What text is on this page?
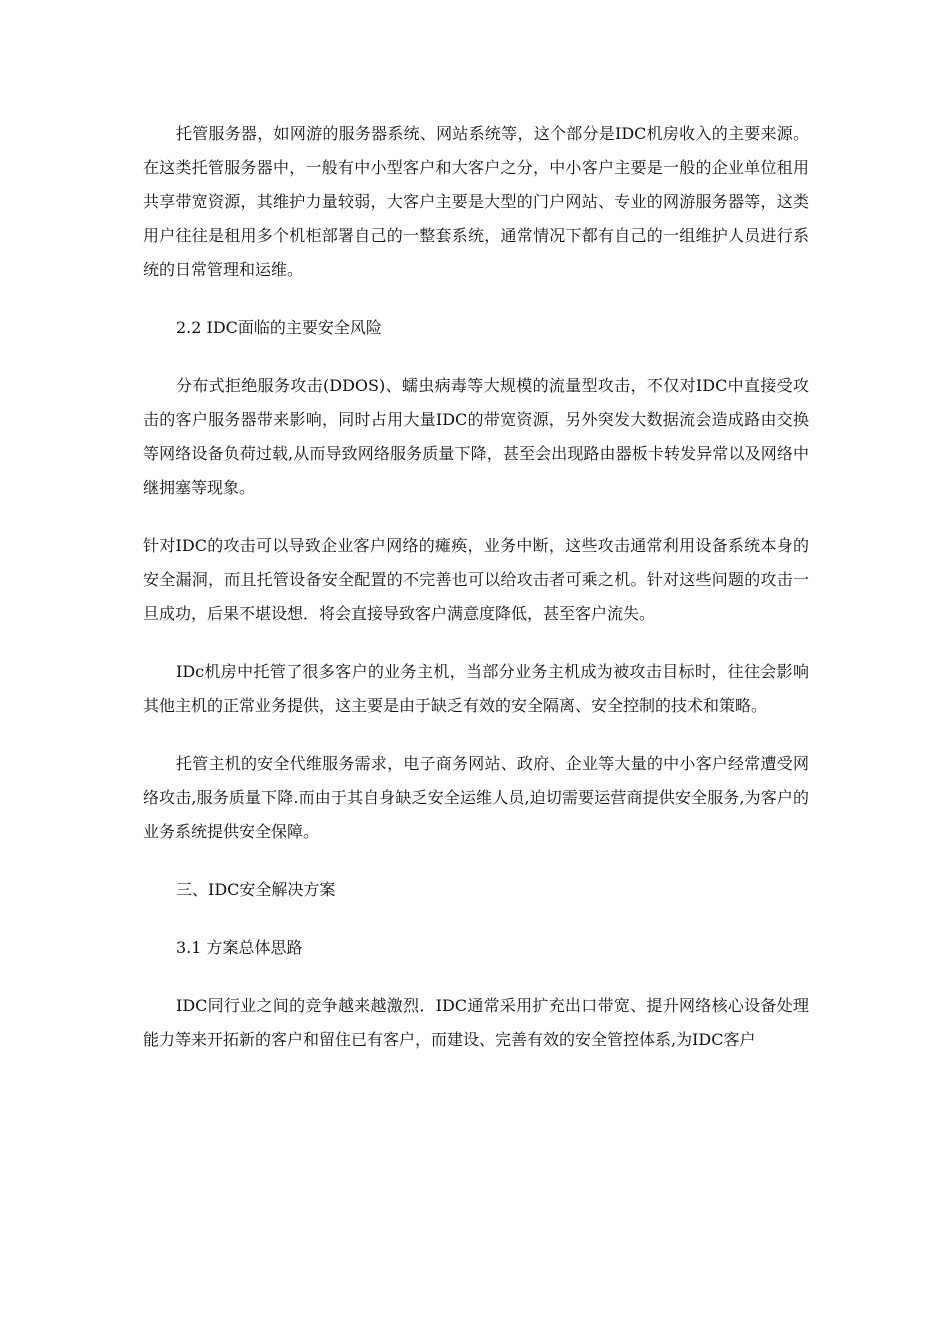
托管服务器，如网游的服务器系统、网站系统等，这个部分是IDC机房收入的主要来源。在这类托管服务器中，一般有中小型客户和大客户之分，中小客户主要是一般的企业单位租用共享带宽资源，其维护力量较弱，大客户主要是大型的门户网站、专业的网游服务器等，这类用户往往是租用多个机柜部署自己的一整套系统，通常情况下都有自己的一组维护人员进行系统的日常管理和运维。

2.2 IDC面临的主要安全风险

分布式拒绝服务攻击(DDOS)、蠕虫病毒等大规模的流量型攻击，不仅对IDC中直接受攻击的客户服务器带来影响，同时占用大量IDC的带宽资源，另外突发大数据流会造成路由交换等网络设备负荷过载,从而导致网络服务质量下降，甚至会出现路由器板卡转发异常以及网络中继拥塞等现象。

针对IDC的攻击可以导致企业客户网络的瘫痪，业务中断，这些攻击通常利用设备系统本身的安全漏洞，而且托管设备安全配置的不完善也可以给攻击者可乘之机。针对这些问题的攻击一旦成功，后果不堪设想．将会直接导致客户满意度降低，甚至客户流失。

IDc机房中托管了很多客户的业务主机，当部分业务主机成为被攻击目标时，往往会影响其他主机的正常业务提供，这主要是由于缺乏有效的安全隔离、安全控制的技术和策略。

托管主机的安全代维服务需求，电子商务网站、政府、企业等大量的中小客户经常遭受网络攻击,服务质量下降.而由于其自身缺乏安全运维人员,迫切需要运营商提供安全服务,为客户的业务系统提供安全保障。

三、IDC安全解决方案

3.1 方案总体思路

IDC同行业之间的竞争越来越激烈．IDC通常采用扩充出口带宽、提升网络核心设备处理能力等来开拓新的客户和留住已有客户，而建设、完善有效的安全管控体系,为IDC客户
